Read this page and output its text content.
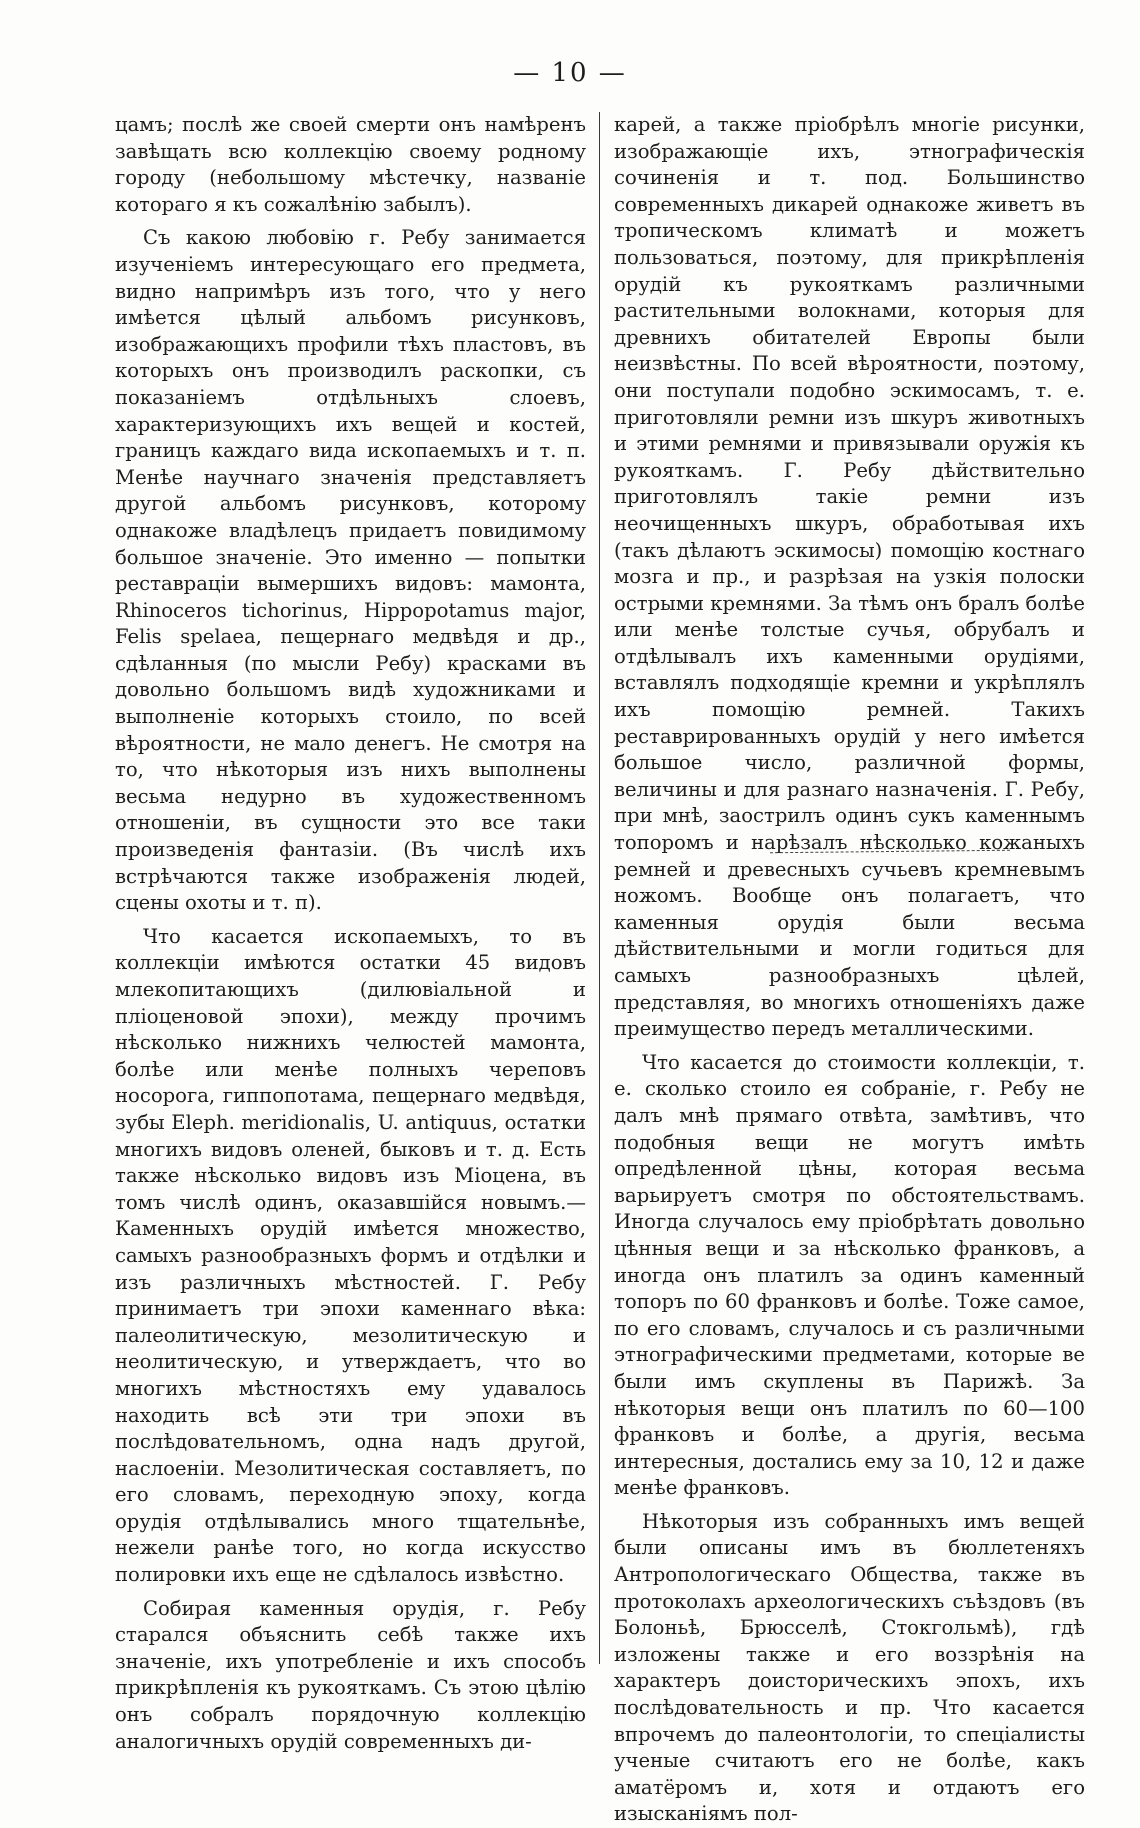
— 10 —

цамъ; послѣ же своей смерти онъ намѣренъ завѣщать всю коллекцію своему родному городу (небольшому мѣстечку, названіе котораго я къ сожалѣнію забылъ).

Съ какою любовію г. Ребу занимается изученіемъ интересующаго его предмета, видно напримѣръ изъ того, что у него имѣется цѣлый альбомъ рисунковъ, изображающихъ профили тѣхъ пластовъ, въ которыхъ онъ производилъ раскопки, съ показаніемъ отдѣльныхъ слоевъ, характеризующихъ ихъ вещей и костей, границъ каждаго вида ископаемыхъ и т. п. Менѣе научнаго значенія представляетъ другой альбомъ рисунковъ, которому однакоже владѣлецъ придаетъ повидимому большое значеніе. Это именно — попытки реставраціи вымершихъ видовъ: мамонта, Rhinoceros tichorinus, Hippopotamus major, Felis spelaea, пещернаго медвѣдя и др., сдѣланныя (по мысли Ребу) красками въ довольно большомъ видѣ художниками и выполненіе которыхъ стоило, по всей вѣроятности, не мало денегъ. Не смотря на то, что нѣкоторыя изъ нихъ выполнены весьма недурно въ художественномъ отношеніи, въ сущности это все таки произведенія фантазіи. (Въ числѣ ихъ встрѣчаются также изображенія людей, сцены охоты и т. п).

Что касается ископаемыхъ, то въ коллекціи имѣются остатки 45 видовъ млекопитающихъ (дилювіальной и пліоценовой эпохи), между прочимъ нѣсколько нижнихъ челюстей мамонта, болѣе или менѣе полныхъ череповъ носорога, гиппопотама, пещернаго медвѣдя, зубы Eleph. meridionalis, U. antiquus, остатки многихъ видовъ оленей, быковъ и т. д. Есть также нѣсколько видовъ изъ Міоцена, въ томъ числѣ одинъ, оказавшійся новымъ.— Каменныхъ орудій имѣется множество, самыхъ разнообразныхъ формъ и отдѣлки и изъ различныхъ мѣстностей. Г. Ребу принимаетъ три эпохи каменнаго вѣка: палеолитическую, мезолитическую и неолитическую, и утверждаетъ, что во многихъ мѣстностяхъ ему удавалось находить всѣ эти три эпохи въ послѣдовательномъ, одна надъ другой, наслоеніи. Мезолитическая составляетъ, по его словамъ, переходную эпоху, когда орудія отдѣлывались много тщательнѣе, нежели ранѣе того, но когда искусство полировки ихъ еще не сдѣлалось извѣстно.

Собирая каменныя орудія, г. Ребу старался объяснить себѣ также ихъ значеніе, ихъ употребленіе и ихъ способъ прикрѣпленія къ рукояткамъ. Съ этою цѣлію онъ собралъ порядочную коллекцію аналогичныхъ орудій современныхъ ди-

карей, а также пріобрѣлъ многіе рисунки, изображающіе ихъ, этнографическія сочиненія и т. под. Большинство современныхъ дикарей однакоже живетъ въ тропическомъ климатѣ и можетъ пользоваться, поэтому, для прикрѣпленія орудій къ рукояткамъ различными растительными волокнами, которыя для древнихъ обитателей Европы были неизвѣстны. По всей вѣроятности, поэтому, они поступали подобно эскимосамъ, т. е. приготовляли ремни изъ шкуръ животныхъ и этими ремнями и привязывали оружія къ рукояткамъ. Г. Ребу дѣйствительно приготовлялъ такіе ремни изъ неочищенныхъ шкуръ, обработывая ихъ (такъ дѣлаютъ эскимосы) помощію костнаго мозга и пр., и разрѣзая на узкія полоски острыми кремнями. За тѣмъ онъ бралъ болѣе или менѣе толстые сучья, обрубалъ и отдѣлывалъ ихъ каменными орудіями, вставлялъ подходящіе кремни и укрѣплялъ ихъ помощію ремней. Такихъ реставрированныхъ орудій у него имѣется большое число, различной формы, величины и для разнаго назначенія. Г. Ребу, при мнѣ, заострилъ одинъ сукъ каменнымъ топоромъ и нарѣзалъ нѣсколько кожаныхъ ремней и древесныхъ сучьевъ кремневымъ ножомъ. Вообще онъ полагаетъ, что каменныя орудія были весьма дѣйствительными и могли годиться для самыхъ разнообразныхъ цѣлей, представляя, во многихъ отношеніяхъ даже преимущество передъ металлическими.

Что касается до стоимости коллекціи, т. е. сколько стоило ея собраніе, г. Ребу не далъ мнѣ прямаго отвѣта, замѣтивъ, что подобныя вещи не могутъ имѣть опредѣленной цѣны, которая весьма варьируетъ смотря по обстоятельствамъ. Иногда случалось ему пріобрѣтать довольно цѣнныя вещи и за нѣсколько франковъ, а иногда онъ платилъ за одинъ каменный топоръ по 60 франковъ и болѣе. Тоже самое, по его словамъ, случалось и съ различными этнографическими предметами, которые ве были имъ скуплены въ Парижѣ. За нѣкоторыя вещи онъ платилъ по 60—100 франковъ и болѣе, а другія, весьма интересныя, достались ему за 10, 12 и даже менѣе франковъ.

Нѣкоторыя изъ собранныхъ имъ вещей были описаны имъ въ бюллетеняхъ Антропологическаго Общества, также въ протоколахъ археологическихъ съѣздовъ (въ Болоньѣ, Брюсселѣ, Стокгольмѣ), гдѣ изложены также и его воззрѣнія на характеръ доисторическихъ эпохъ, ихъ послѣдовательность и пр. Что касается впрочемъ до палеонтологіи, то спеціалисты ученые считаютъ его не болѣе, какъ аматёромъ и, хотя и отдаютъ его изысканіямъ пол-
